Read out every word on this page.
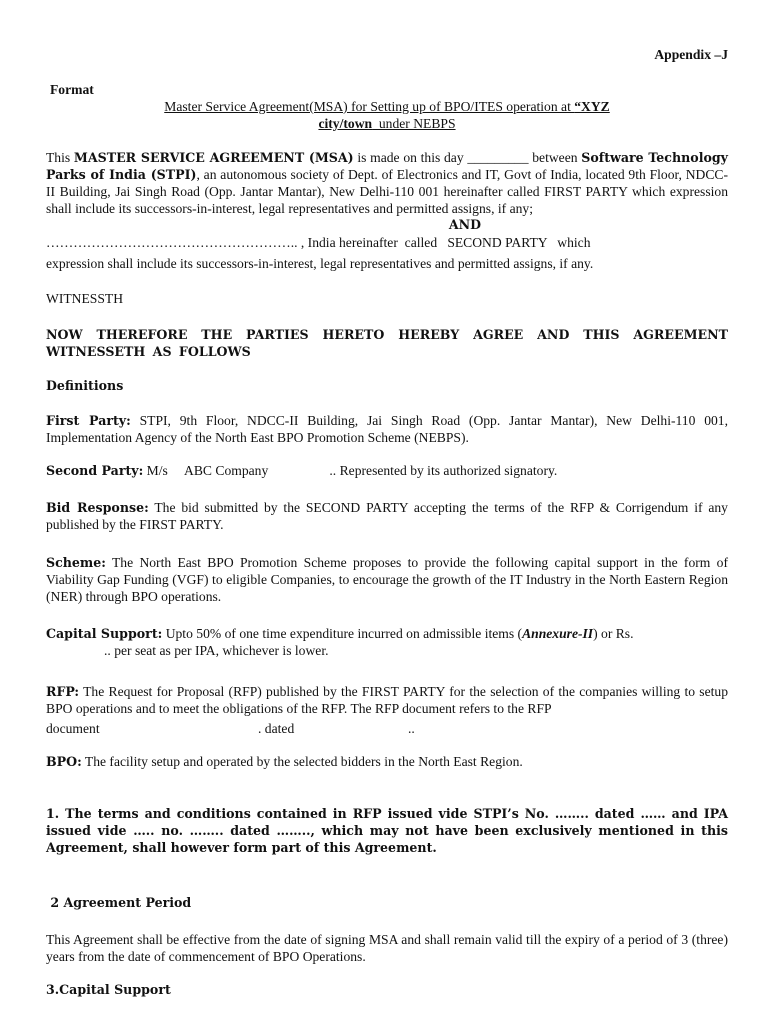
Appendix –J
Format
Master Service Agreement(MSA) for Setting up of BPO/ITES operation at “XYZ
city/town  under NEBPS
This MASTER SERVICE AGREEMENT (MSA) is made on this day _________ between Software Technology Parks of India (STPI), an autonomous society of Dept. of Electronics and IT, Govt of India, located 9th Floor, NDCC-II Building, Jai Singh Road (Opp. Jantar Mantar), New Delhi-110 001 hereinafter called FIRST PARTY which expression shall include its successors-in-interest, legal representatives and permitted assigns, if any;
AND
……………………………………………….. , India hereinafter  called   SECOND PARTY   which
expression shall include its successors-in-interest, legal representatives and permitted assigns, if any.
WITNESSTH
NOW THEREFORE THE PARTIES HERETO HEREBY AGREE AND THIS AGREEMENT WITNESSETH AS FOLLOWS
Definitions
First Party: STPI, 9th Floor, NDCC-II Building, Jai Singh Road (Opp. Jantar Mantar), New Delhi-110 001, Implementation Agency of the North East BPO Promotion Scheme (NEBPS).
Second Party: M/s     ABC Company                  .. Represented by its authorized signatory.
Bid Response: The bid submitted by the SECOND PARTY accepting the terms of the RFP & Corrigendum if any published by the FIRST PARTY.
Scheme: The North East BPO Promotion Scheme proposes to provide the following capital support in the form of Viability Gap Funding (VGF) to eligible Companies, to encourage the growth of the IT Industry in the North Eastern Region (NER) through BPO operations.
Capital Support: Upto 50% of one time expenditure incurred on admissible items (Annexure-II) or Rs.
.. per seat as per IPA, whichever is lower.
RFP: The Request for Proposal (RFP) published by the FIRST PARTY for the selection of the companies willing to setup BPO operations and to meet the obligations of the RFP. The RFP document refers to the RFP
document	. dated	..
BPO: The facility setup and operated by the selected bidders in the North East Region.
1. The terms and conditions contained in RFP issued vide STPI’s No. …….. dated …… and IPA issued vide ….. no. …….. dated …….., which may not have been exclusively mentioned in this Agreement, shall however form part of this Agreement.
2 Agreement Period
This Agreement shall be effective from the date of signing MSA and shall remain valid till the expiry of a period of 3 (three) years from the date of commencement of BPO Operations.
3.Capital Support
